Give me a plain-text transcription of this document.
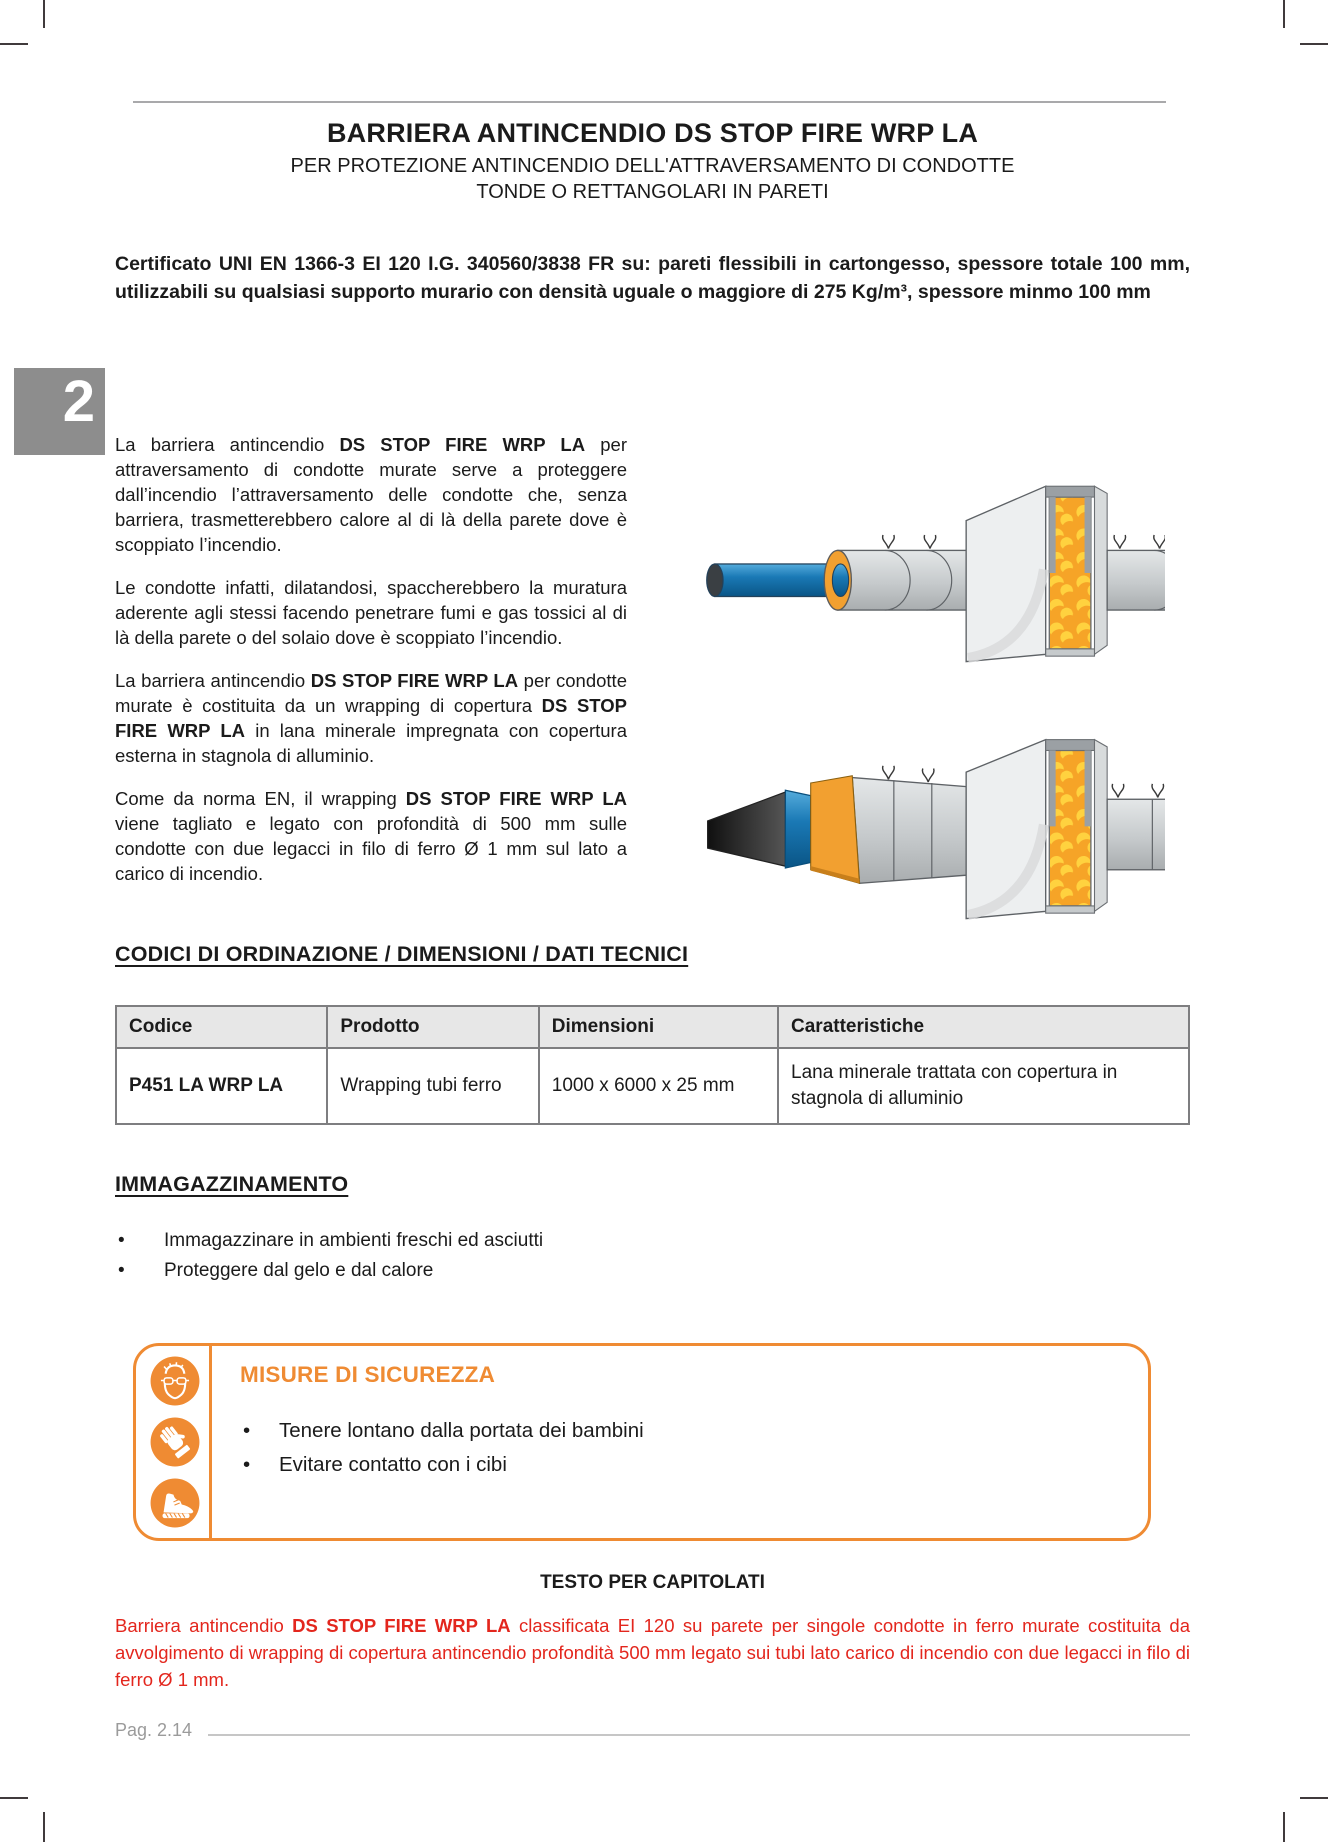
2
BARRIERA ANTINCENDIO DS STOP FIRE WRP LA
PER PROTEZIONE ANTINCENDIO DELL'ATTRAVERSAMENTO DI CONDOTTE
TONDE O RETTANGOLARI IN PARETI

Certificato UNI EN 1366-3 EI 120 I.G. 340560/3838 FR su: pareti flessibili in cartongesso, spessore totale 100 mm, utilizzabili su qualsiasi supporto murario con densità uguale o maggiore di 275 Kg/m³, spessore minmo 100 mm

La barriera antincendio DS STOP FIRE WRP LA per attraversamento di condotte murate serve a proteggere dall’incendio l’attraversamento delle condotte che, senza barriera, trasmetterebbero calore al di là della parete dove è scoppiato l’incendio.

Le condotte infatti, dilatandosi, spaccherebbero la muratura aderente agli stessi facendo penetrare fumi e gas tossici al di là della parete o del solaio dove è scoppiato l’incendio.

La barriera antincendio DS STOP FIRE WRP LA per condotte murate è costituita da un wrapping di copertura DS STOP FIRE WRP LA in lana minerale impregnata con copertura esterna in stagnola di alluminio.

Come da norma EN, il wrapping DS STOP FIRE WRP LA viene tagliato e legato con profondità di 500 mm sulle condotte con due legacci in filo di ferro Ø 1 mm sul lato a carico di incendio.

CODICI DI ORDINAZIONE / DIMENSIONI / DATI TECNICI
Codice	Prodotto	Dimensioni	Caratteristiche
P451 LA WRP LA	Wrapping tubi ferro	1000 x 6000 x 25 mm	Lana minerale trattata con copertura in stagnola di alluminio
IMMAGAZZINAMENTO
•	Immagazzinare in ambienti freschi ed asciutti
•	Proteggere dal gelo e dal calore
MISURE DI SICUREZZA
•	Tenere lontano dalla portata dei bambini
•	Evitare contatto con i cibi
TESTO PER CAPITOLATI

Barriera antincendio DS STOP FIRE WRP LA classificata EI 120 su parete per singole condotte in ferro murate costituita da avvolgimento di wrapping di copertura antincendio profondità 500 mm legato sui tubi lato carico di incendio con due legacci in filo di ferro Ø 1 mm.

Pag. 2.14
